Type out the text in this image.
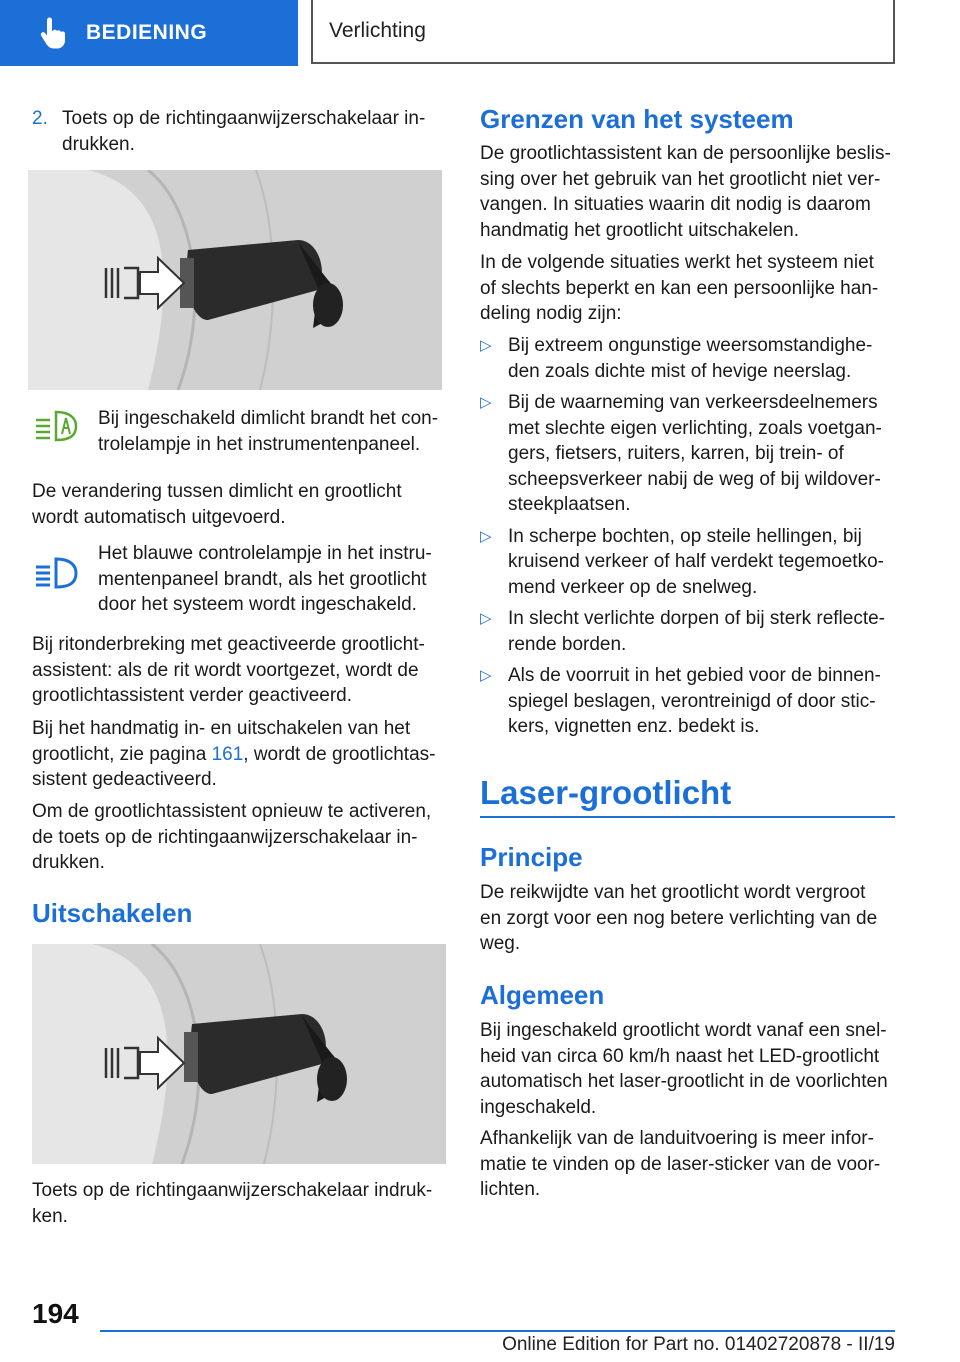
BEDIENING	Verlichting
2. Toets op de richtingaanwijzerschakelaar in-

drukken.

Bij ingeschakeld dimlicht brandt het con-

trolelampje in het instrumentenpaneel.

De verandering tussen dimlicht en grootlicht

wordt automatisch uitgevoerd.

Het blauwe controlelampje in het instru-

mentenpaneel brandt, als het grootlicht

door het systeem wordt ingeschakeld.

Bij ritonderbreking met geactiveerde grootlicht-

assistent: als de rit wordt voortgezet, wordt de

grootlichtassistent verder geactiveerd.

Bij het handmatig in- en uitschakelen van het

grootlicht, zie pagina 161, wordt de grootlichtas-

sistent gedeactiveerd.

Om de grootlichtassistent opnieuw te activeren,

de toets op de richtingaanwijzerschakelaar in-

drukken.

Uitschakelen

Toets op de richtingaanwijzerschakelaar indruk-

ken.

Grenzen van het systeem

De grootlichtassistent kan de persoonlijke beslis-

sing over het gebruik van het grootlicht niet ver-

vangen. In situaties waarin dit nodig is daarom

handmatig het grootlicht uitschakelen.

In de volgende situaties werkt het systeem niet

of slechts beperkt en kan een persoonlijke han-

deling nodig zijn:

▷ Bij extreem ongunstige weersomstandighe-

den zoals dichte mist of hevige neerslag.

▷ Bij de waarneming van verkeersdeelnemers

met slechte eigen verlichting, zoals voetgan-

gers, fietsers, ruiters, karren, bij trein- of

scheepsverkeer nabij de weg of bij wildover-

steekplaatsen.

▷ In scherpe bochten, op steile hellingen, bij

kruisend verkeer of half verdekt tegemoetko-

mend verkeer op de snelweg.

▷ In slecht verlichte dorpen of bij sterk reflecte-

rende borden.

▷ Als de voorruit in het gebied voor de binnen-

spiegel beslagen, verontreinigd of door stic-

kers, vignetten enz. bedekt is.

Laser-grootlicht
Principe

De reikwijdte van het grootlicht wordt vergroot

en zorgt voor een nog betere verlichting van de

weg.

Algemeen

Bij ingeschakeld grootlicht wordt vanaf een snel-

heid van circa 60 km/h naast het LED-grootlicht

automatisch het laser-grootlicht in de voorlichten

ingeschakeld.

Afhankelijk van de landuitvoering is meer infor-

matie te vinden op de laser-sticker van de voor-

lichten.

194
Online Edition for Part no. 01402720878 - II/19
